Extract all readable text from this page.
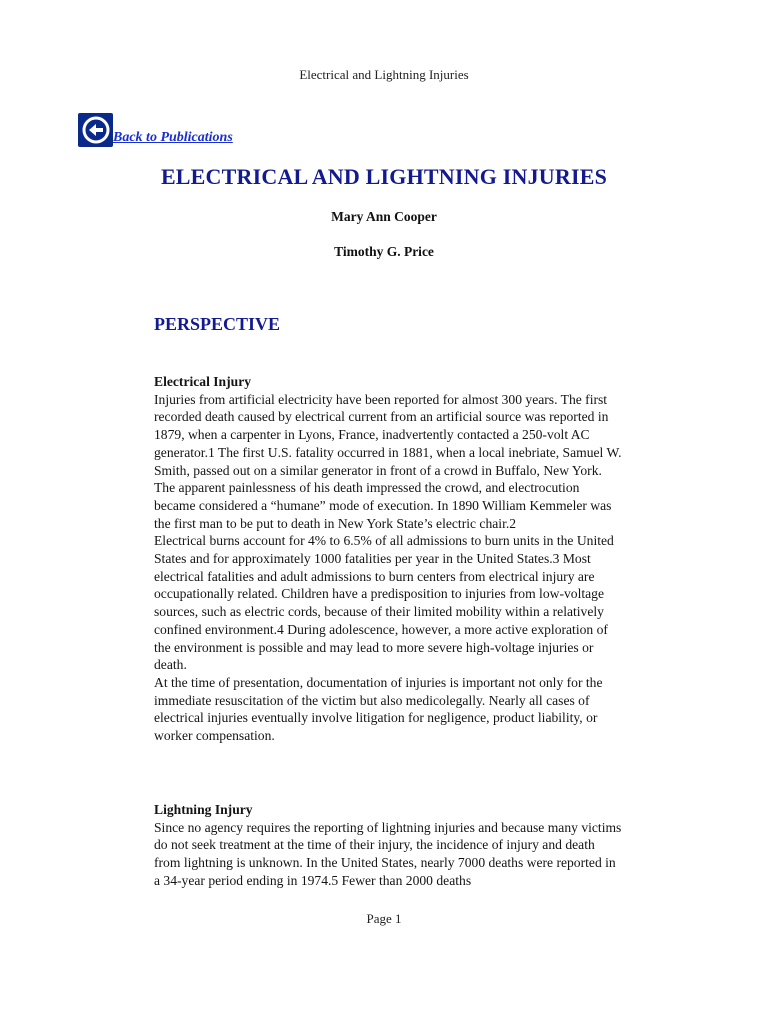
Electrical and Lightning Injuries
Back to Publications
ELECTRICAL AND LIGHTNING INJURIES
Mary Ann Cooper
Timothy G. Price
PERSPECTIVE

Electrical Injury

Injuries from artificial electricity have been reported for almost 300 years. The first recorded death caused by electrical current from an artificial source was reported in 1879, when a carpenter in Lyons, France, inadvertently contacted a 250-volt AC generator.1 The first U.S. fatality occurred in 1881, when a local inebriate, Samuel W. Smith, passed out on a similar generator in front of a crowd in Buffalo, New York. The apparent painlessness of his death impressed the crowd, and electrocution became considered a “humane” mode of execution. In 1890 William Kemmeler was the first man to be put to death in New York State’s electric chair.2

Electrical burns account for 4% to 6.5% of all admissions to burn units in the United States and for approximately 1000 fatalities per year in the United States.3 Most electrical fatalities and adult admissions to burn centers from electrical injury are occupationally related. Children have a predisposition to injuries from low-voltage sources, such as electric cords, because of their limited mobility within a relatively confined environment.4 During adolescence, however, a more active exploration of the environment is possible and may lead to more severe high-voltage injuries or death.

At the time of presentation, documentation of injuries is important not only for the immediate resuscitation of the victim but also medicolegally. Nearly all cases of electrical injuries eventually involve litigation for negligence, product liability, or worker compensation.

Lightning Injury

Since no agency requires the reporting of lightning injuries and because many victims do not seek treatment at the time of their injury, the incidence of injury and death from lightning is unknown. In the United States, nearly 7000 deaths were reported in a 34-year period ending in 1974.5 Fewer than 2000 deaths

Page 1
